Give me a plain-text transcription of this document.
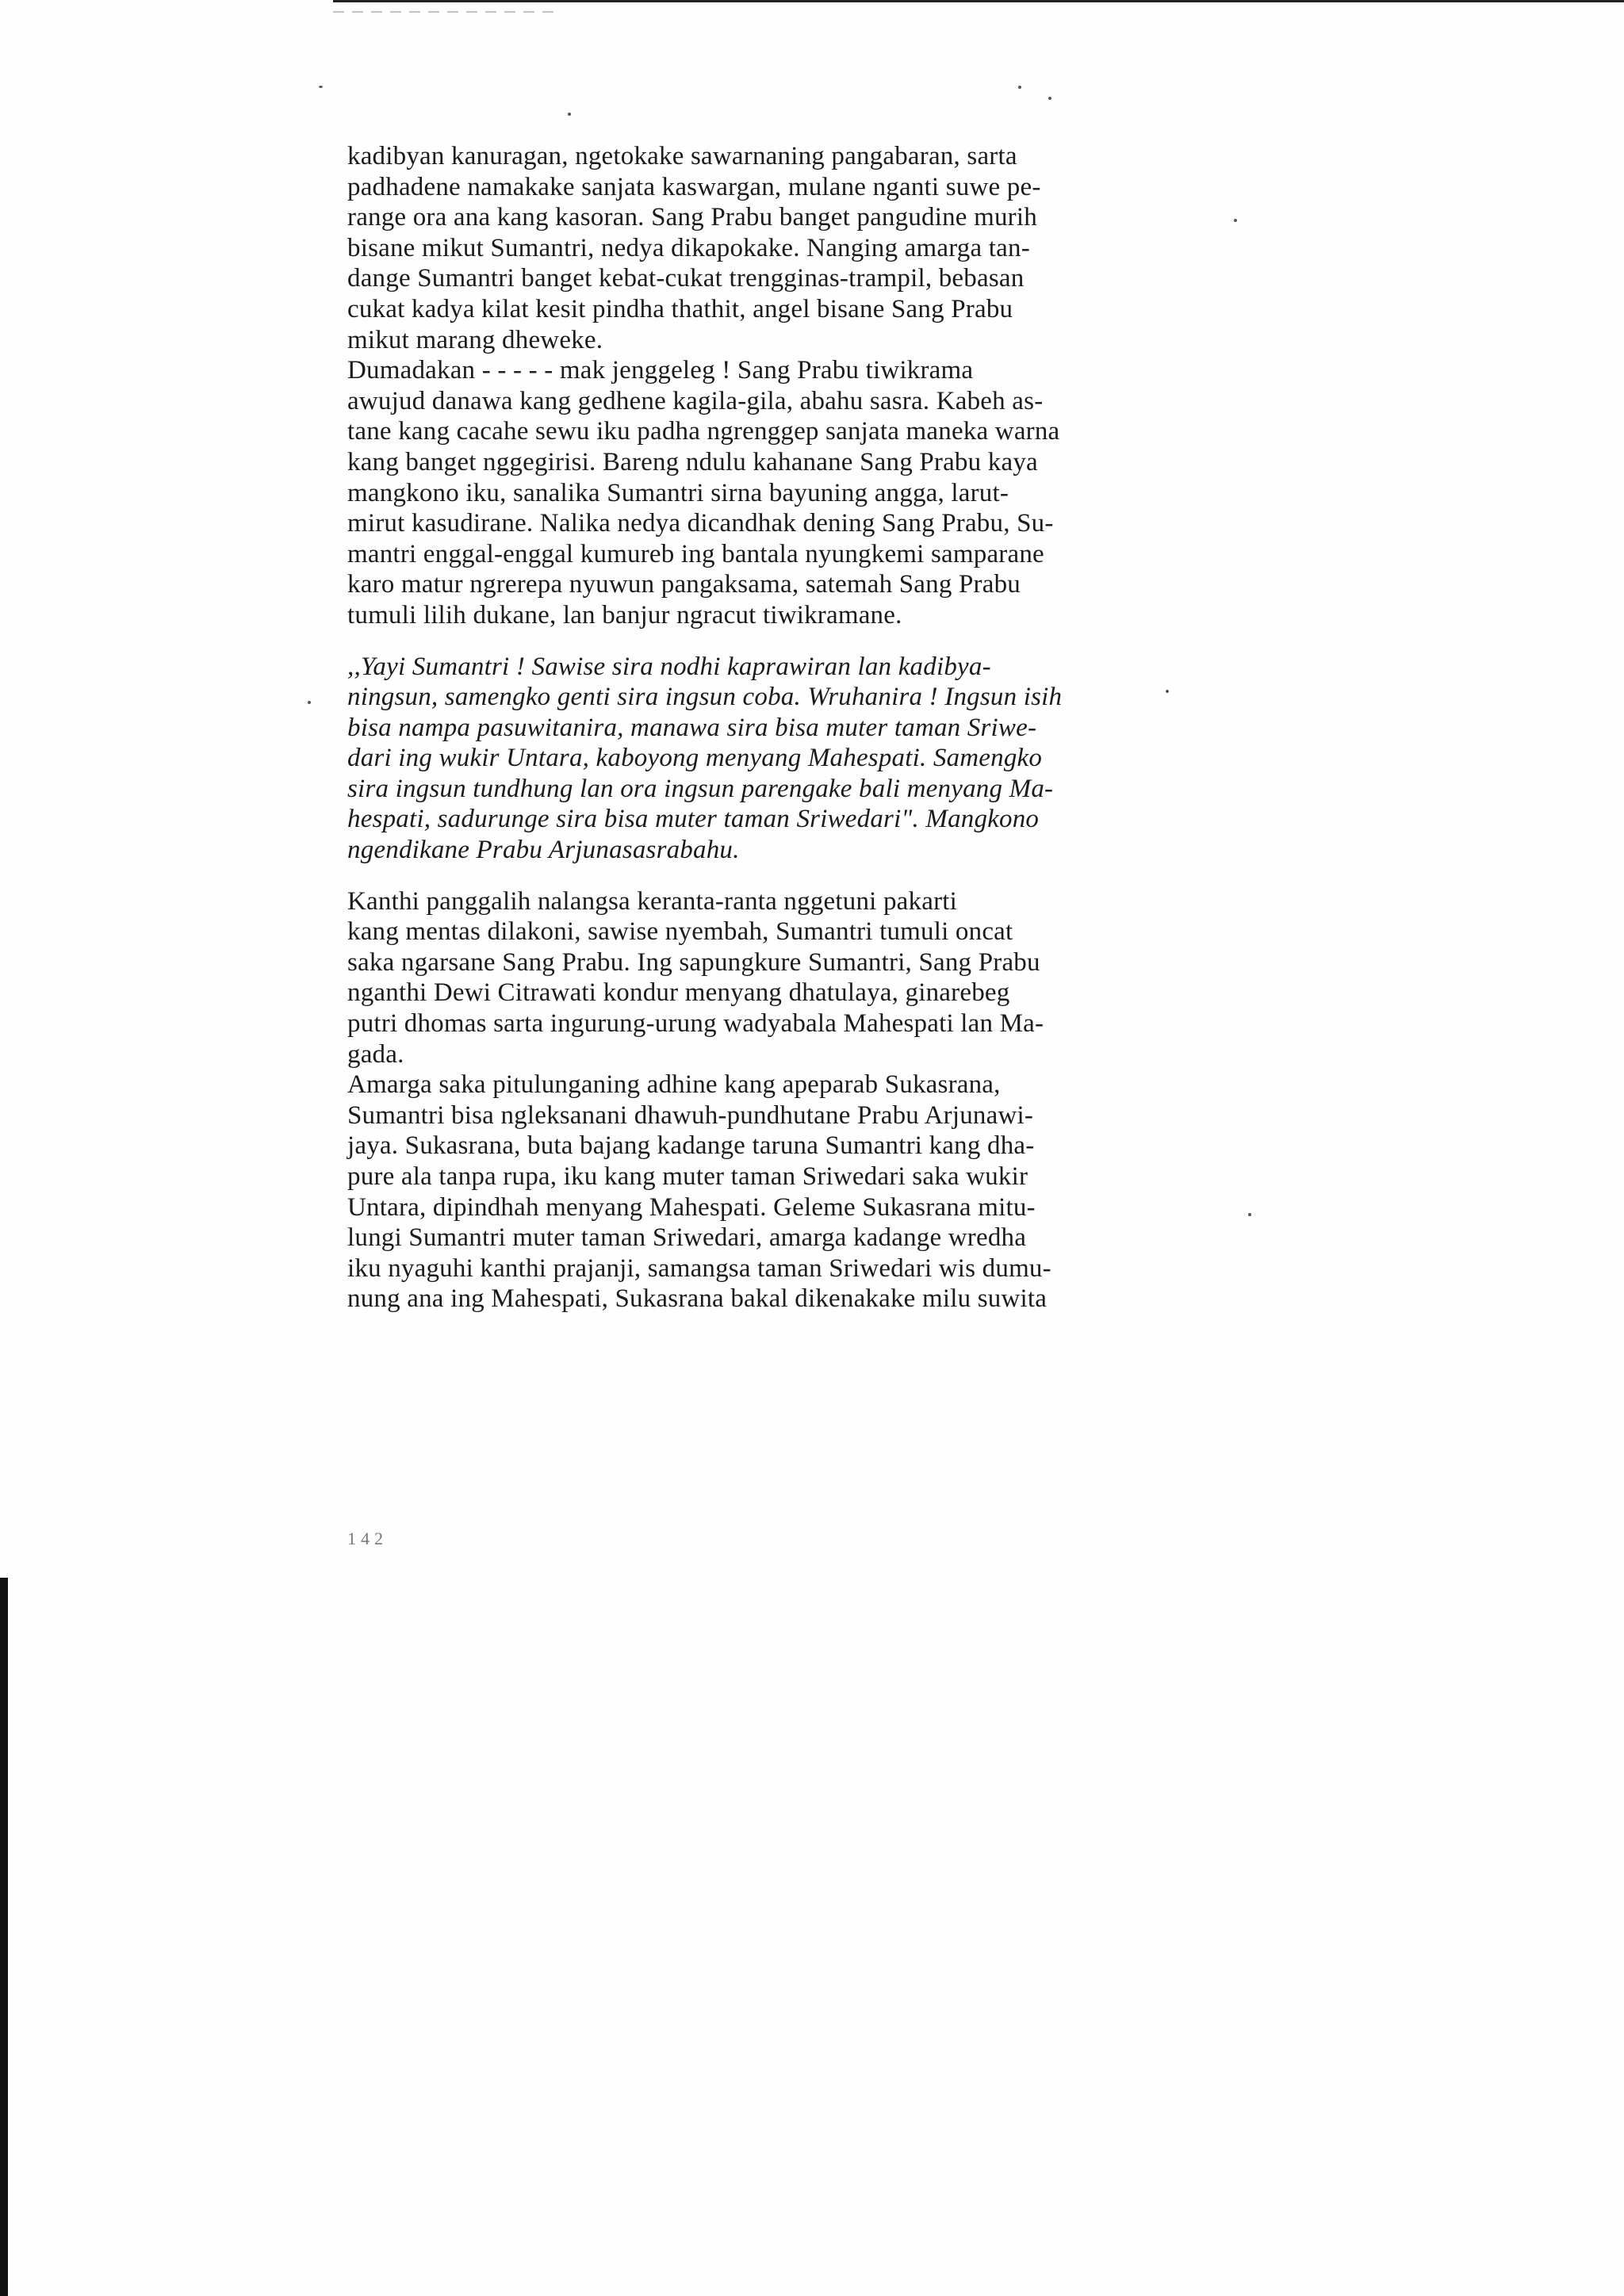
kadibyan kanuragan, ngetokake sawarnaning pangabaran, sarta
padhadene namakake sanjata kaswargan, mulane nganti suwe pe-
range ora ana kang kasoran. Sang Prabu banget pangudine murih
bisane mikut Sumantri, nedya dikapokake. Nanging amarga tan-
dange Sumantri banget kebat-cukat trengginas-trampil, bebasan
cukat kadya kilat kesit pindha thathit, angel bisane Sang Prabu
mikut marang dheweke.

Dumadakan - - - - - mak jenggeleg ! Sang Prabu tiwikrama
awujud danawa kang gedhene kagila-gila, abahu sasra. Kabeh as-
tane kang cacahe sewu iku padha ngrenggep sanjata maneka warna
kang banget nggegirisi. Bareng ndulu kahanane Sang Prabu kaya
mangkono iku, sanalika Sumantri sirna bayuning angga, larut-
mirut kasudirane. Nalika nedya dicandhak dening Sang Prabu, Su-
mantri enggal-enggal kumureb ing bantala nyungkemi samparane
karo matur ngrerepa nyuwun pangaksama, satemah Sang Prabu
tumuli lilih dukane, lan banjur ngracut tiwikramane.

,,Yayi Sumantri ! Sawise sira nodhi kaprawiran lan kadibya-
ningsun, samengko genti sira ingsun coba. Wruhanira ! Ingsun isih
bisa nampa pasuwitanira, manawa sira bisa muter taman Sriwe-
dari ing wukir Untara, kaboyong menyang Mahespati. Samengko
sira ingsun tundhung lan ora ingsun parengake bali menyang Ma-
hespati, sadurunge sira bisa muter taman Sriwedari". Mangkono
ngendikane Prabu Arjunasasrabahu.

Kanthi panggalih nalangsa keranta-ranta nggetuni pakarti
kang mentas dilakoni, sawise nyembah, Sumantri tumuli oncat
saka ngarsane Sang Prabu. Ing sapungkure Sumantri, Sang Prabu
nganthi Dewi Citrawati kondur menyang dhatulaya, ginarebeg
putri dhomas sarta ingurung-urung wadyabala Mahespati lan Ma-
gada.

Amarga saka pitulunganing adhine kang apeparab Sukasrana,
Sumantri bisa ngleksanani dhawuh-pundhutane Prabu Arjunawi-
jaya. Sukasrana, buta bajang kadange taruna Sumantri kang dha-
pure ala tanpa rupa, iku kang muter taman Sriwedari saka wukir
Untara, dipindhah menyang Mahespati. Geleme Sukasrana mitu-
lungi Sumantri muter taman Sriwedari, amarga kadange wredha
iku nyaguhi kanthi prajanji, samangsa taman Sriwedari wis dumu-
nung ana ing Mahespati, Sukasrana bakal dikenakake milu suwita

142
